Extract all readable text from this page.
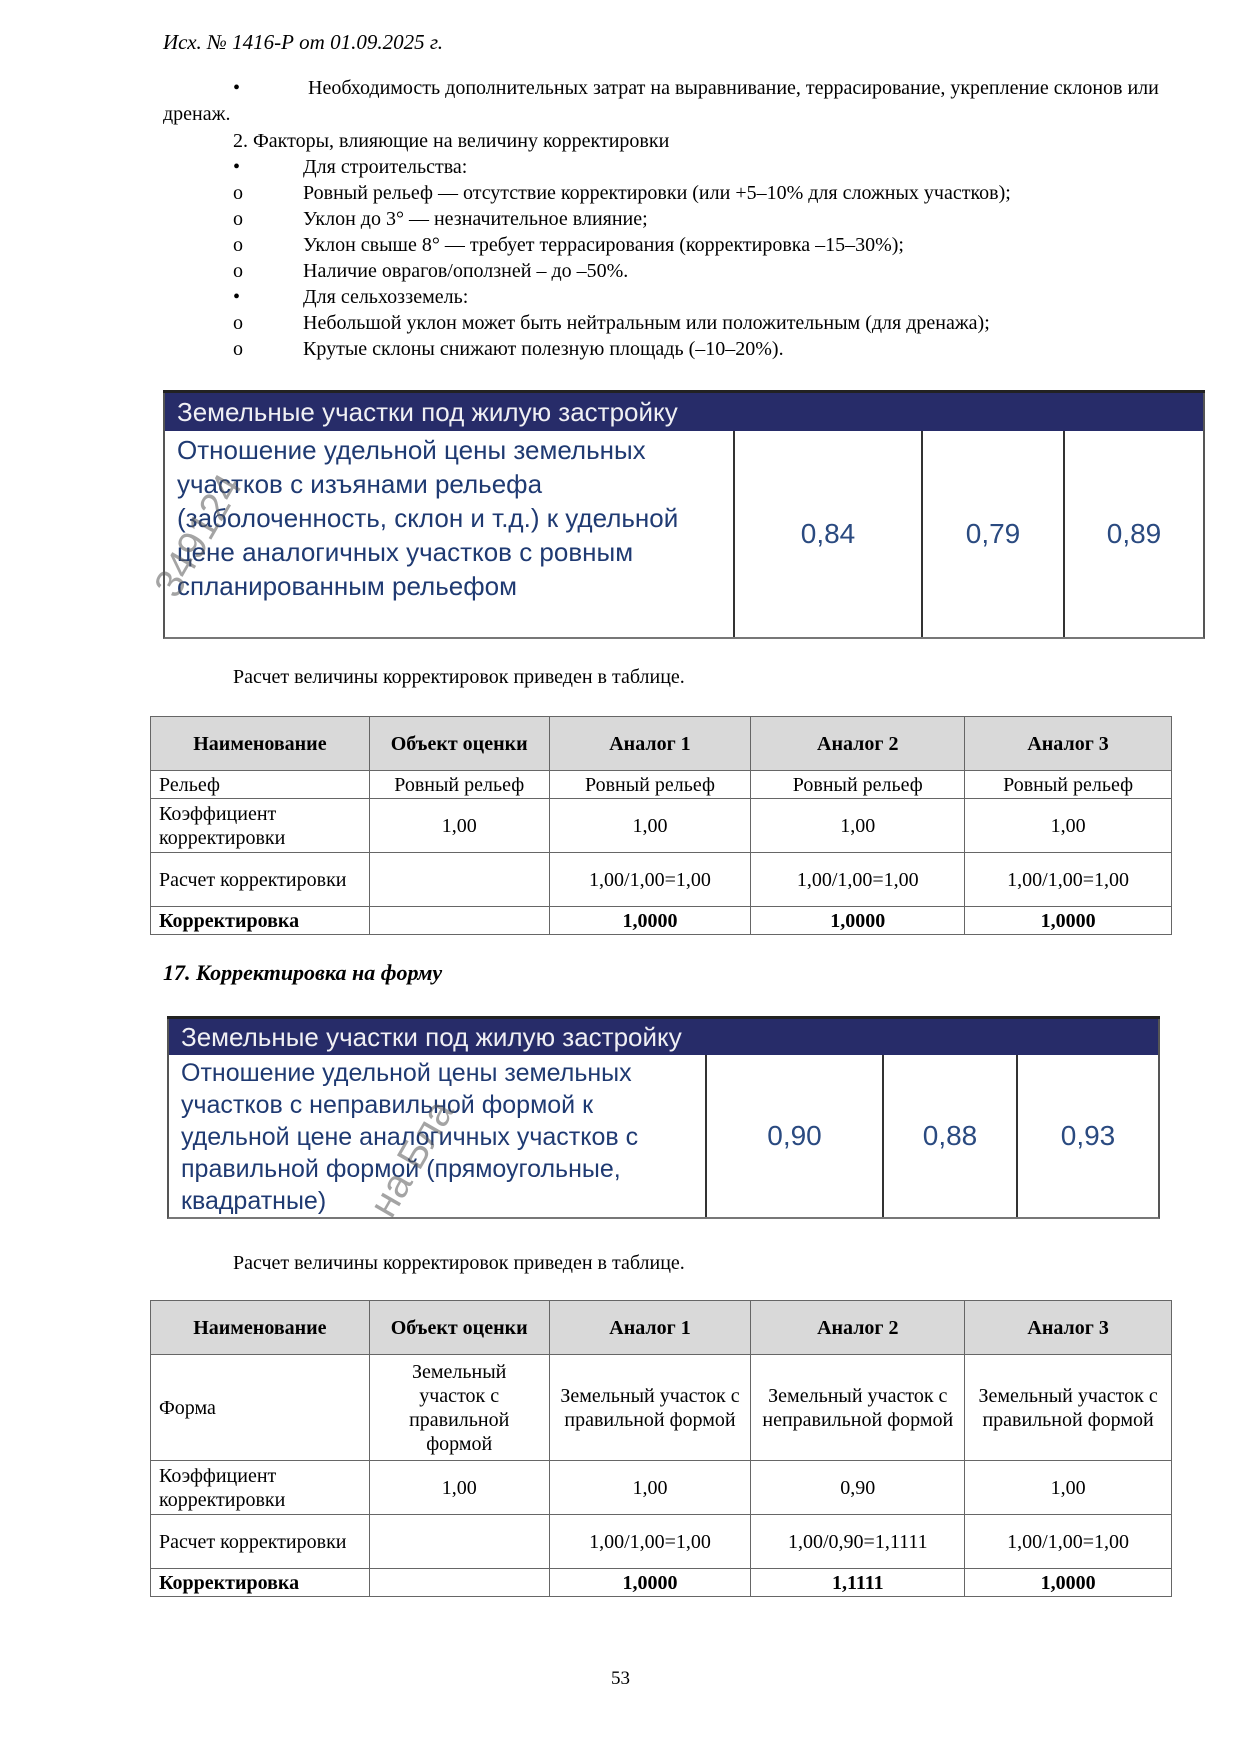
Исх. № 1416-Р от 01.09.2025 г.
•	Необходимость дополнительных затрат на выравнивание, террасирование, укрепление склонов или дренаж.
2. Факторы, влияющие на величину корректировки
•	Для строительства:
o	Ровный рельеф — отсутствие корректировки (или +5–10% для сложных участков);
o	Уклон до 3° — незначительное влияние;
o	Уклон свыше 8° — требует террасирования (корректировка –15–30%);
o	Наличие оврагов/оползней – до –50%.
•	Для сельхозземель:
o	Небольшой уклон может быть нейтральным или положительным (для дренажа);
o	Крутые склоны снижают полезную площадь (–10–20%).
Земельные участки под жилую застройку
Отношение удельной цены земельных участков с изъянами рельефа (заболоченность, склон и т.д.) к удельной цене аналогичных участков с ровным спланированным рельефом
0,84	0,79	0,89
349124
Расчет величины корректировок приведен в таблице.
Наименование	Объект оценки	Аналог 1	Аналог 2	Аналог 3
Рельеф	Ровный рельеф	Ровный рельеф	Ровный рельеф	Ровный рельеф
Коэффициент корректировки	1,00	1,00	1,00	1,00
Расчет корректировки		1,00/1,00=1,00	1,00/1,00=1,00	1,00/1,00=1,00
Корректировка		1,0000	1,0000	1,0000
17. Корректировка на форму
Земельные участки под жилую застройку
Отношение удельной цены земельных участков с неправильной формой к удельной цене аналогичных участков с правильной формой (прямоугольные, квадратные)
0,90	0,88	0,93
на Бла
Расчет величины корректировок приведен в таблице.
Наименование	Объект оценки	Аналог 1	Аналог 2	Аналог 3
Форма	Земельный участок с правильной формой	Земельный участок с правильной формой	Земельный участок с неправильной формой	Земельный участок с правильной формой
Коэффициент корректировки	1,00	1,00	0,90	1,00
Расчет корректировки		1,00/1,00=1,00	1,00/0,90=1,1111	1,00/1,00=1,00
Корректировка		1,0000	1,1111	1,0000
53
